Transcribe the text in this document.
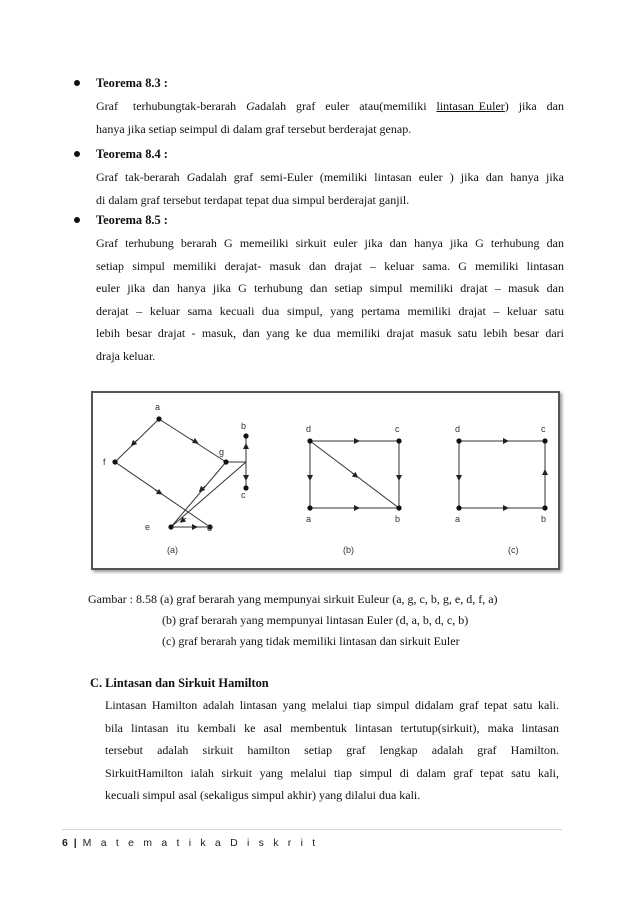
Teorema 8.3 :
Graf   terhubungtak-berarah  Gadalah  graf  euler  atau(memiliki  lintasan Euler)  jika  dan
hanya jika setiap seimpul di dalam graf tersebut berderajat genap.
Teorema 8.4 :
Graf tak-berarah Gadalah graf semi-Euler (memiliki lintasan euler ) jika dan hanya jika
di dalam graf tersebut terdapat tepat dua simpul berderajat ganjil.
Teorema 8.5 :
Graf terhubung berarah G memeiliki sirkuit euler jika dan hanya jika G terhubung dan
setiap simpul memiliki derajat- masuk dan drajat – keluar sama. G memiliki lintasan
euler jika dan hanya jika G terhubung dan setiap simpul memiliki drajat – masuk dan
derajat – keluar sama kecuali dua simpul, yang pertama memiliki drajat – keluar satu
lebih besar drajat - masuk, dan yang ke dua memiliki drajat masuk satu lebih besar dari
draja keluar.
a
b
g
c
f
e	d
(a)
d	c
a	b
(b)
d	c
a	b
(c)
Gambar : 8.58 (a) graf berarah yang mempunyai sirkuit Euleur (a, g, c, b, g, e, d, f, a)
(b) graf berarah yang mempunyai lintasan Euler (d, a, b, d, c, b)
(c) graf berarah yang tidak memiliki lintasan dan sirkuit Euler
C. Lintasan dan Sirkuit Hamilton
Lintasan Hamilton adalah lintasan yang melalui tiap simpul didalam graf tepat satu kali.
bila lintasan itu kembali ke asal membentuk lintasan tertutup(sirkuit), maka lintasan
tersebut adalah sirkuit hamilton setiap graf lengkap adalah graf Hamilton.
SirkuitHamilton ialah sirkuit yang melalui tiap simpul di dalam graf tepat satu kali,
kecuali simpul asal (sekaligus simpul akhir) yang dilalui dua kali.
6 | M a t e m a t i k a D i s k r i t
